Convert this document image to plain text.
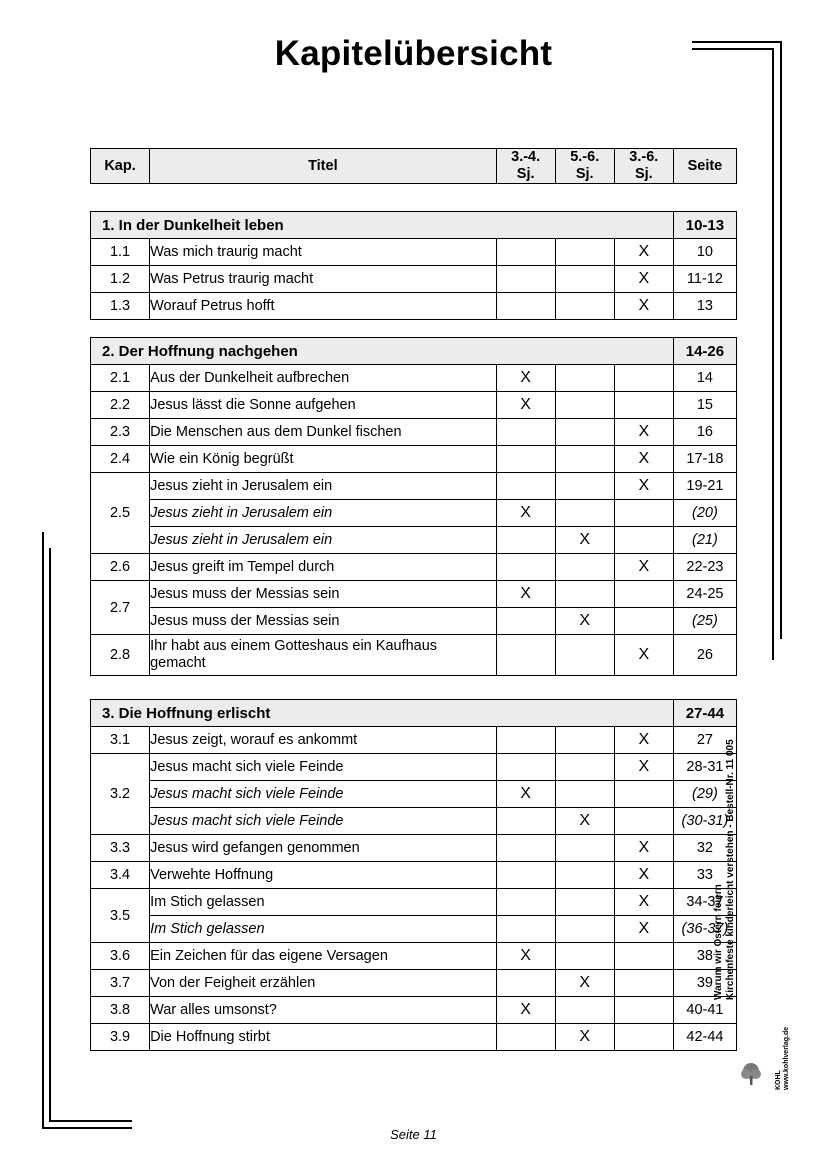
Kapitelübersicht
Kap.	Titel	3.-4. Sj.	5.-6. Sj.	3.-6. Sj.	Seite
1. In der Dunkelheit leben					10-13
1.1	Was mich traurig macht			X	10
1.2	Was Petrus traurig macht			X	11-12
1.3	Worauf Petrus hofft			X	13
2. Der Hoffnung nachgehen					14-26
2.1	Aus der Dunkelheit aufbrechen	X			14
2.2	Jesus lässt die Sonne aufgehen	X			15
2.3	Die Menschen aus dem Dunkel fischen			X	16
2.4	Wie ein König begrüßt			X	17-18
2.5	Jesus zieht in Jerusalem ein			X	19-21
	Jesus zieht in Jerusalem ein	X			(20)
	Jesus zieht in Jerusalem ein		X		(21)
2.6	Jesus greift im Tempel durch			X	22-23
2.7	Jesus muss der Messias sein	X			24-25
	Jesus muss der Messias sein		X		(25)
2.8	Ihr habt aus einem Gotteshaus ein Kaufhaus gemacht			X	26
3. Die Hoffnung erlischt					27-44
3.1	Jesus zeigt, worauf es ankommt			X	27
3.2	Jesus macht sich viele Feinde			X	28-31
	Jesus macht sich viele Feinde	X			(29)
	Jesus macht sich viele Feinde		X		(30-31)
3.3	Jesus wird gefangen genommen			X	32
3.4	Verwehte Hoffnung			X	33
3.5	Im Stich gelassen			X	34-37
	Im Stich gelassen			X	(36-37)
3.6	Ein Zeichen für das eigene Versagen	X			38
3.7	Von der Feigheit erzählen		X		39
3.8	War alles umsonst?	X			40-41
3.9	Die Hoffnung stirbt		X		42-44
Seite 11
Warum wir Ostern feiern Kirchenfeste kinderleicht verstehen - Bestell-Nr. 11 005
KOHL www.kohlverlag.de
